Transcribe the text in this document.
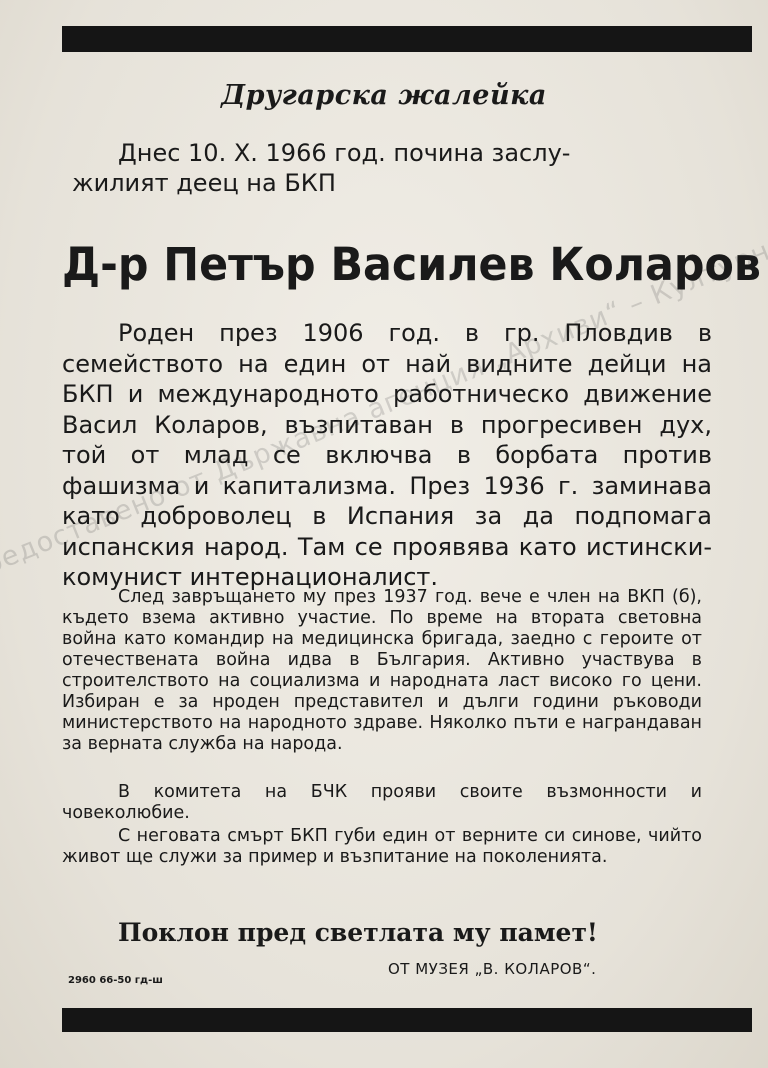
Другарска жалейка
Днес 10. X. 1966 год. почина заслу-
жилият деец на БКП
Д-р Петър Василев Коларов
Роден през 1906 год. в гр. Пловдив в семейството на един от най видните дейци на БКП и международното работническо движение Васил Коларов, възпитаван в прогресивен дух, той от млад се включва в борбата против фашизма и капитализма. През 1936 г. заминава като доброволец в Испания за да подпомага испанския народ. Там се проявява като истински-комунист интернационалист.
След завръщането му през 1937 год. вече е член на ВКП (б), където взема активно участие. По време на втората световна война като командир на медицинска бригада, заедно с героите от отечествената война идва в България. Активно участвува в строителството на социализма и народната ласт високо го цени. Избиран е за нроден представител и дълги години ръководи министерството на народното здраве. Няколко пъти е награндаван за верната служба на народа.
В комитета на БЧК прояви своите възмонности и човеколюбие.
С неговата смърт БКП губи един от верните си синове, чийто живот ще служи за пример и възпитание на поколенията.
Поклон пред светлата му памет!
ОТ МУЗЕЯ „В. КОЛАРОВ“.
2960 66-50 гд-ш
